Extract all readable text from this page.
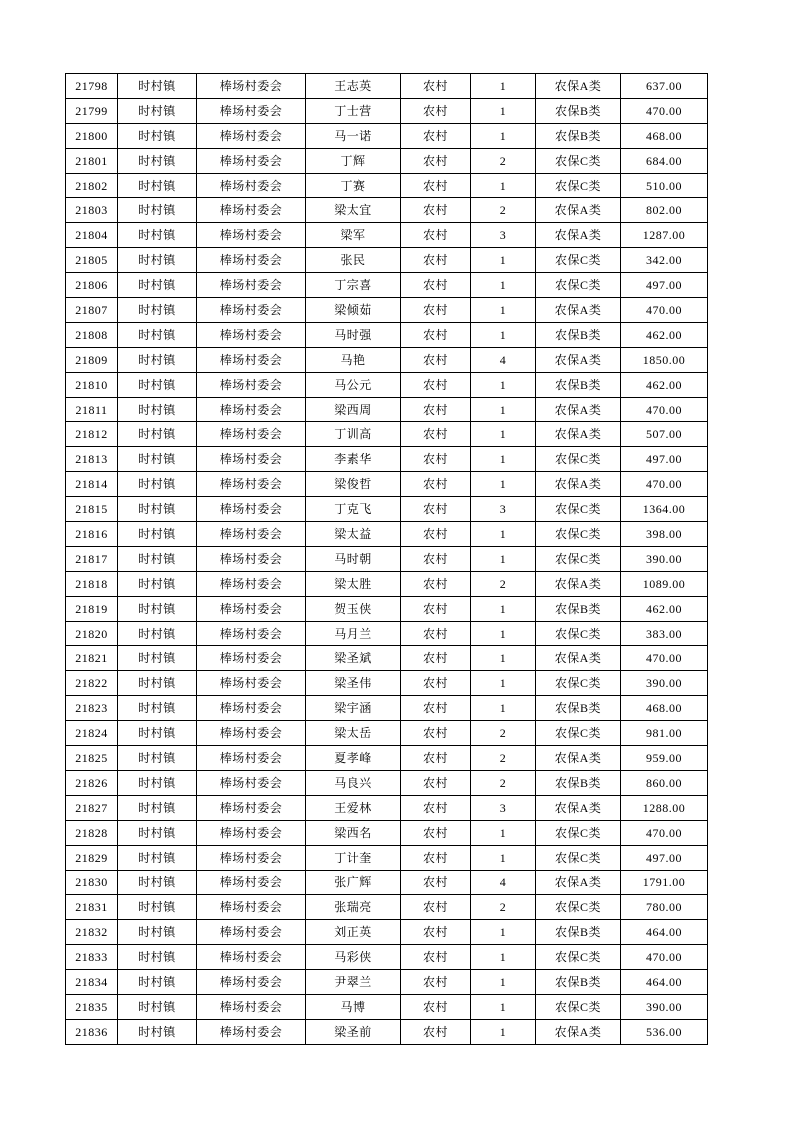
21798	时村镇	棒场村委会	王志英	农村	1	农保A类	637.00
21799	时村镇	棒场村委会	丁士营	农村	1	农保B类	470.00
21800	时村镇	棒场村委会	马一诺	农村	1	农保B类	468.00
21801	时村镇	棒场村委会	丁辉	农村	2	农保C类	684.00
21802	时村镇	棒场村委会	丁赛	农村	1	农保C类	510.00
21803	时村镇	棒场村委会	梁太宜	农村	2	农保A类	802.00
21804	时村镇	棒场村委会	梁军	农村	3	农保A类	1287.00
21805	时村镇	棒场村委会	张民	农村	1	农保C类	342.00
21806	时村镇	棒场村委会	丁宗喜	农村	1	农保C类	497.00
21807	时村镇	棒场村委会	梁倾茹	农村	1	农保A类	470.00
21808	时村镇	棒场村委会	马时强	农村	1	农保B类	462.00
21809	时村镇	棒场村委会	马艳	农村	4	农保A类	1850.00
21810	时村镇	棒场村委会	马公元	农村	1	农保B类	462.00
21811	时村镇	棒场村委会	梁西周	农村	1	农保A类	470.00
21812	时村镇	棒场村委会	丁训高	农村	1	农保A类	507.00
21813	时村镇	棒场村委会	李素华	农村	1	农保C类	497.00
21814	时村镇	棒场村委会	梁俊哲	农村	1	农保A类	470.00
21815	时村镇	棒场村委会	丁克飞	农村	3	农保C类	1364.00
21816	时村镇	棒场村委会	梁太益	农村	1	农保C类	398.00
21817	时村镇	棒场村委会	马时朝	农村	1	农保C类	390.00
21818	时村镇	棒场村委会	梁太胜	农村	2	农保A类	1089.00
21819	时村镇	棒场村委会	贺玉侠	农村	1	农保B类	462.00
21820	时村镇	棒场村委会	马月兰	农村	1	农保C类	383.00
21821	时村镇	棒场村委会	梁圣斌	农村	1	农保A类	470.00
21822	时村镇	棒场村委会	梁圣伟	农村	1	农保C类	390.00
21823	时村镇	棒场村委会	梁宇涵	农村	1	农保B类	468.00
21824	时村镇	棒场村委会	梁太岳	农村	2	农保C类	981.00
21825	时村镇	棒场村委会	夏孝峰	农村	2	农保A类	959.00
21826	时村镇	棒场村委会	马良兴	农村	2	农保B类	860.00
21827	时村镇	棒场村委会	王爱林	农村	3	农保A类	1288.00
21828	时村镇	棒场村委会	梁西名	农村	1	农保C类	470.00
21829	时村镇	棒场村委会	丁计奎	农村	1	农保C类	497.00
21830	时村镇	棒场村委会	张广辉	农村	4	农保A类	1791.00
21831	时村镇	棒场村委会	张瑞亮	农村	2	农保C类	780.00
21832	时村镇	棒场村委会	刘正英	农村	1	农保B类	464.00
21833	时村镇	棒场村委会	马彩侠	农村	1	农保C类	470.00
21834	时村镇	棒场村委会	尹翠兰	农村	1	农保B类	464.00
21835	时村镇	棒场村委会	马博	农村	1	农保C类	390.00
21836	时村镇	棒场村委会	梁圣前	农村	1	农保A类	536.00
